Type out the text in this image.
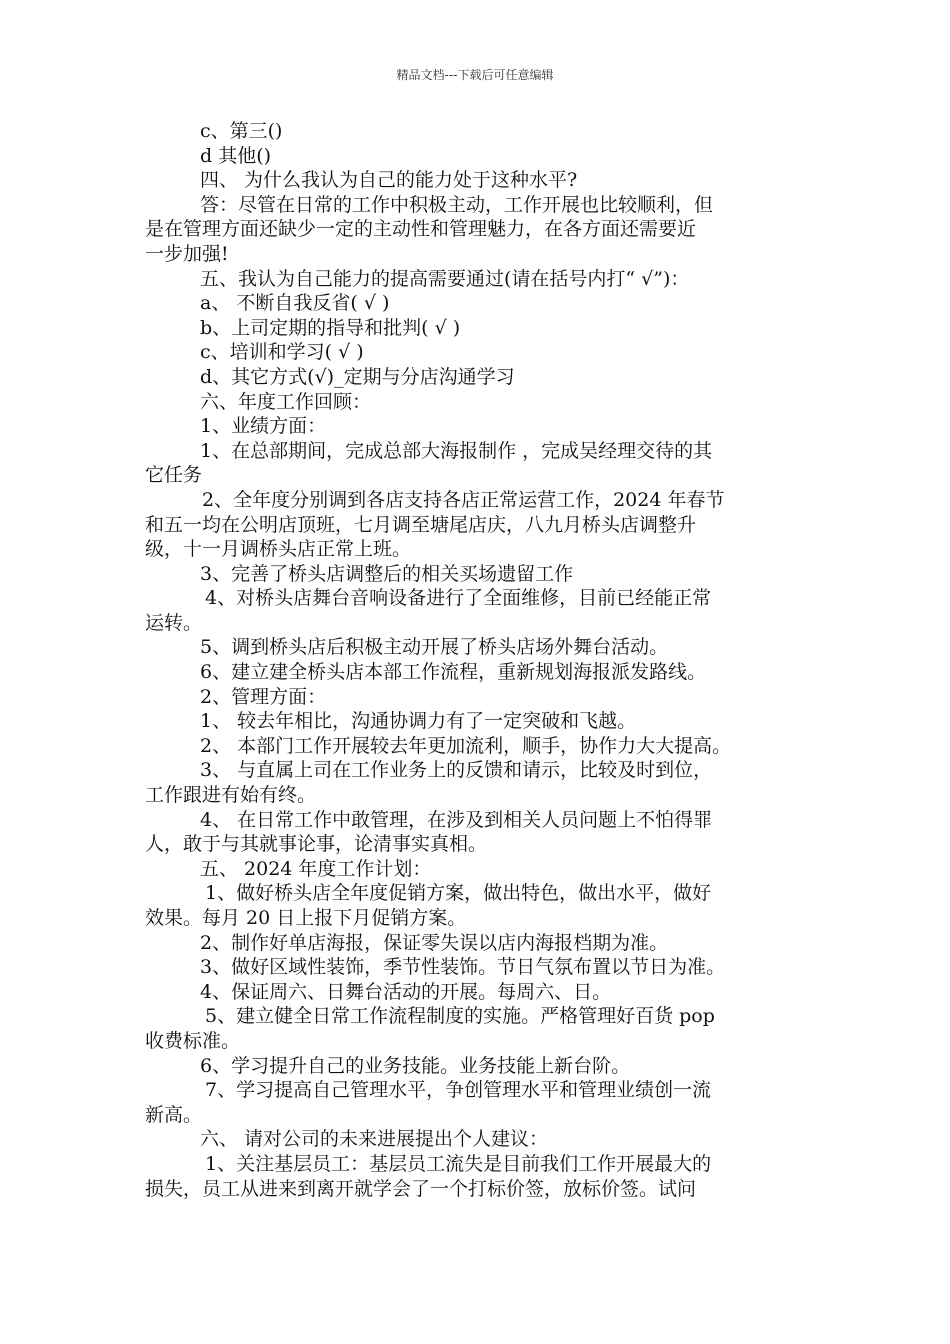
精品文档---下载后可任意编辑
c、第三()
d 其他()
四、 为什么我认为自己的能力处于这种水平?
答：尽管在日常的工作中积极主动，工作开展也比较顺利，但
是在管理方面还缺少一定的主动性和管理魅力，在各方面还需要近
一步加强!
五、我认为自己能力的提高需要通过(请在括号内打“ √”)：
a、 不断自我反省( √ )
b、上司定期的指导和批判( √ )
c、培训和学习( √ )
d、其它方式(√)_定期与分店沟通学习
六、年度工作回顾：
1、业绩方面：
1、在总部期间，完成总部大海报制作 ，完成吴经理交待的其
它任务
2、全年度分别调到各店支持各店正常运营工作，2024 年春节
和五一均在公明店顶班，七月调至塘尾店庆，八九月桥头店调整升
级，十一月调桥头店正常上班。
3、完善了桥头店调整后的相关买场遗留工作
4、对桥头店舞台音响设备进行了全面维修，目前已经能正常
运转。
5、调到桥头店后积极主动开展了桥头店场外舞台活动。
6、建立建全桥头店本部工作流程，重新规划海报派发路线。
2、管理方面：
1、 较去年相比，沟通协调力有了一定突破和飞越。
2、 本部门工作开展较去年更加流利，顺手，协作力大大提高。
3、 与直属上司在工作业务上的反馈和请示，比较及时到位，
工作跟进有始有终。
4、 在日常工作中敢管理，在涉及到相关人员问题上不怕得罪
人，敢于与其就事论事，论清事实真相。
五、 2024 年度工作计划：
1、做好桥头店全年度促销方案，做出特色，做出水平，做好
效果。每月 20 日上报下月促销方案。
2、制作好单店海报，保证零失误以店内海报档期为准。
3、做好区域性装饰，季节性装饰。节日气氛布置以节日为准。
4、保证周六、日舞台活动的开展。每周六、日。
5、建立健全日常工作流程制度的实施。严格管理好百货 pop
收费标准。
6、学习提升自己的业务技能。业务技能上新台阶。
7、学习提高自己管理水平，争创管理水平和管理业绩创一流
新高。
六、 请对公司的未来进展提出个人建议：
1、关注基层员工：基层员工流失是目前我们工作开展最大的
损失，员工从进来到离开就学会了一个打标价签，放标价签。试问
